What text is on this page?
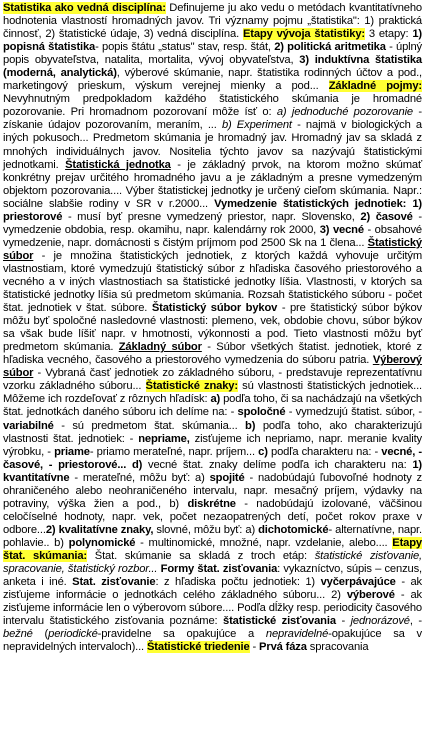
Statistika ako vedná disciplína: Definujeme ju ako vedu o metódach kvantitatívneho hodnotenia vlastností hromadných javov. Tri významy pojmu „štatistika": 1) praktická činnosť, 2) štatistické údaje, 3) vedná disciplína. Etapy vývoja štatistiky: 3 etapy: 1) popisná štatistika- popis štátu „status" stav, resp. štát, 2) politická aritmetika - úplný popis obyvateľstva, natalita, mortalita, vývoj obyvateľstva, 3) induktívna štatistika (moderná, analytická), výberové skúmanie, napr. štatistika rodinných účtov a pod., marketingový prieskum, výskum verejnej mienky a pod... Základné pojmy: Nevyhnutným predpokladom každého štatistického skúmania je hromadné pozorovanie. Pri hromadnom pozorovaní môže ísť o: a) jednoduché pozorovanie - získanie údajov pozorovaním, meraním, ... b) Experiment - najmä v biologických a iných pokusoch... Predmetom skúmania je hromadný jav. Hromadný jav sa skladá z mnohých individuálnych javov. Nositelia týchto javov sa nazývajú štatistickými jednotkami. Štatistická jednotka - je základný prvok, na ktorom možno skúmať konkrétny prejav určitého hromadného javu a je základným a presne vymedzeným objektom pozorovania.... Výber štatistickej jednotky je určený cieľom skúmania. Napr.: sociálne slabšie rodiny v SR v r.2000... Vymedzenie štatistických jednotiek: 1) priestorové - musí byť presne vymedzený priestor, napr. Slovensko, 2) časové -vymedzenie obdobia, resp. okamihu, napr. kalendárny rok 2000, 3) vecné - obsahové vymedzenie, napr. domácnosti s čistým príjmom pod 2500 Sk na 1 člena... Štatistický súbor - je množina štatistických jednotiek, z ktorých každá vyhovuje určitým vlastnostiam, ktoré vymedzujú štatistický súbor z hľadiska časového priestorového a vecného a v iných vlastnostiach sa štatistické jednotky líšia. Vlastnosti, v ktorých sa štatistické jednotky líšia sú predmetom skúmania. Rozsah štatistického súboru - počet štat. jednotiek v štat. súbore. Štatistický súbor bykov - pre štatistický súbor býkov môžu byť spoločné nasledovné vlastnosti: plemeno, vek, obdobie chovu, súbor býkov sa však bude líšiť napr. v hmotnosti, výkonnosti a pod. Tieto vlastnosti môžu byť predmetom skúmania. Základný súbor - Súbor všetkých štatist. jednotiek, ktoré z hľadiska vecného, časového a priestorového vymedzenia do súboru patria. Výberový súbor - Vybraná časť jednotiek zo základného súboru, - predstavuje reprezentatívnu vzorku základného súboru... Štatistické znaky: sú vlastnosti štatistických jednotiek... Môžeme ich rozdeľovať z rôznych hľadísk: a) podľa toho, či sa nachádzajú na všetkých štat. jednotkách daného súboru ich delíme na: - spoločné - vymedzujú štatist. súbor, - variabilné - sú predmetom štat. skúmania... b) podľa toho, ako charakterizujú vlastnosti štat. jednotiek: - nepriame, zisťujeme ich nepriamo, napr. meranie kvality výrobku, - priame- priamo merateľné, napr. príjem... c) podľa charakteru na: - vecné, - časové, - priestorové... d) vecné štat. znaky delíme podľa ich charakteru na: 1) kvantitatívne - merateľné, môžu byť: a) spojité - nadobúdajú ľubovoľné hodnoty z ohraničeného alebo neohraničeného intervalu, napr. mesačný príjem, výdavky na potraviny, výška žien a pod., b) diskrétne - nadobúdajú izolované, väčšinou celočíselné hodnoty, napr. vek, počet nezaopatrených detí, počet rokov praxe v odbore...2) kvalitatívne znaky, slovné, môžu byť: a) dichotomické- alternatívne, napr. pohlavie.. b) polynomické - multinomické, množné, napr. vzdelanie, alebo.... Etapy štat. skúmania: Štat. skúmanie sa skladá z troch etáp: štatistické zisťovanie, spracovanie, štatistický rozbor... Formy štat. zisťovania: vykazníctvo, súpis – cenzus, anketa i iné. Stat. zisťovanie: z hľadiska počtu jednotiek: 1) vyčerpávajúce - ak zisťujeme informácie o jednotkách celého základného súboru... 2) výberové - ak zisťujeme informácie len o výberovom súbore.... Podľa dĺžky resp. periodicity časového intervalu štatistického zisťovania poznáme: štatistické zisťovania - jednorázové, - bežné (periodické-pravidelne sa opakujúce a nepravidelné-opakujúce sa v nepravidelných intervaloch)... Štatistické triedenie - Prvá fáza spracovania
